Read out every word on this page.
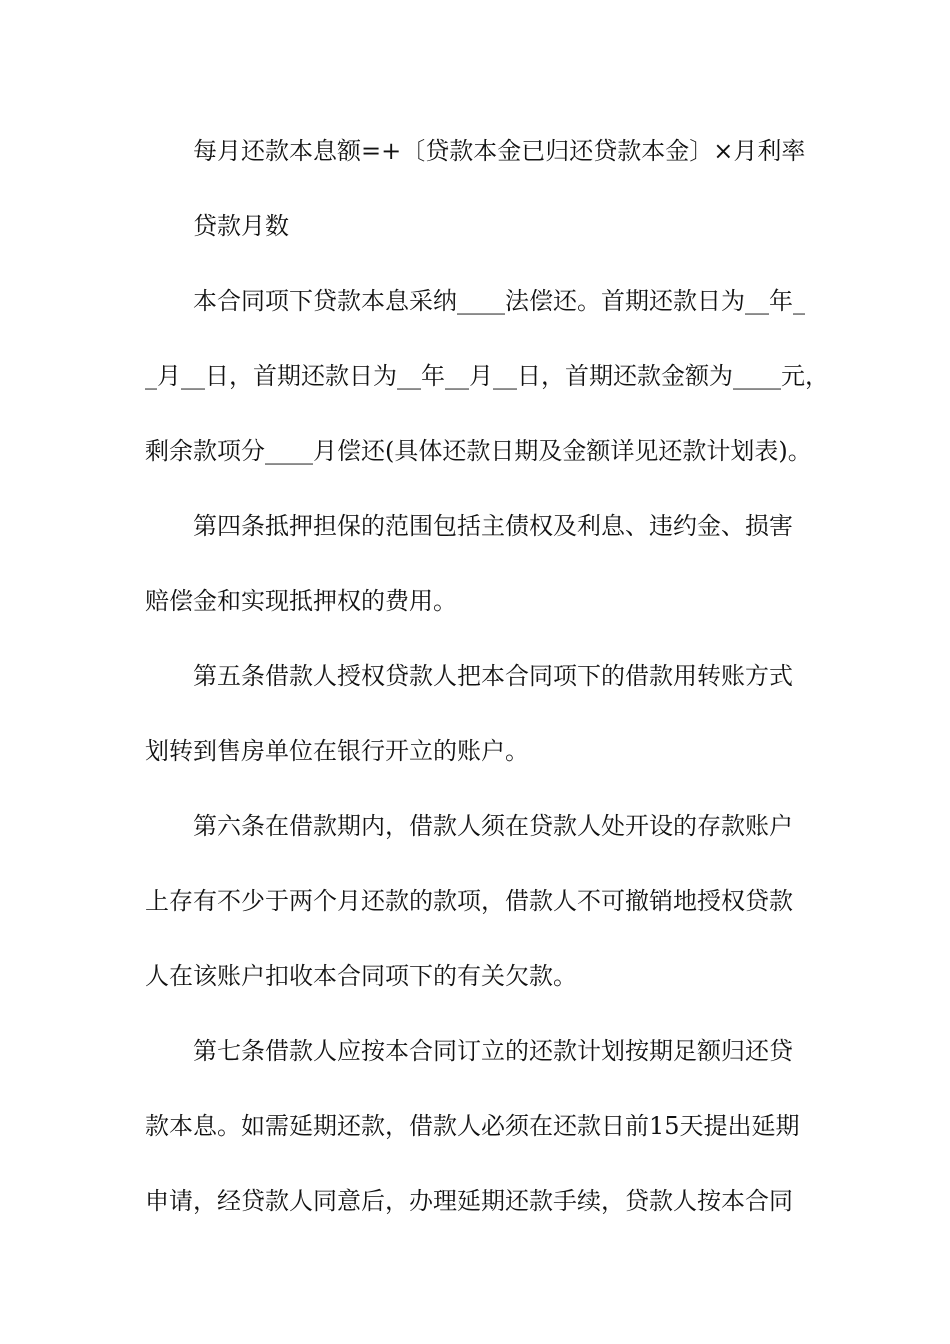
每月还款本息额=+〔贷款本金已归还贷款本金〕×月利率
贷款月数
本合同项下贷款本息采纳____法偿还。首期还款日为__年_
_月__日，首期还款日为__年__月__日，首期还款金额为____元，
剩余款项分____月偿还(具体还款日期及金额详见还款计划表)。
第四条抵押担保的范围包括主债权及利息、违约金、损害
赔偿金和实现抵押权的费用。
第五条借款人授权贷款人把本合同项下的借款用转账方式
划转到售房单位在银行开立的账户。
第六条在借款期内，借款人须在贷款人处开设的存款账户
上存有不少于两个月还款的款项，借款人不可撤销地授权贷款
人在该账户扣收本合同项下的有关欠款。
第七条借款人应按本合同订立的还款计划按期足额归还贷
款本息。如需延期还款，借款人必须在还款日前15天提出延期
申请，经贷款人同意后，办理延期还款手续，贷款人按本合同
